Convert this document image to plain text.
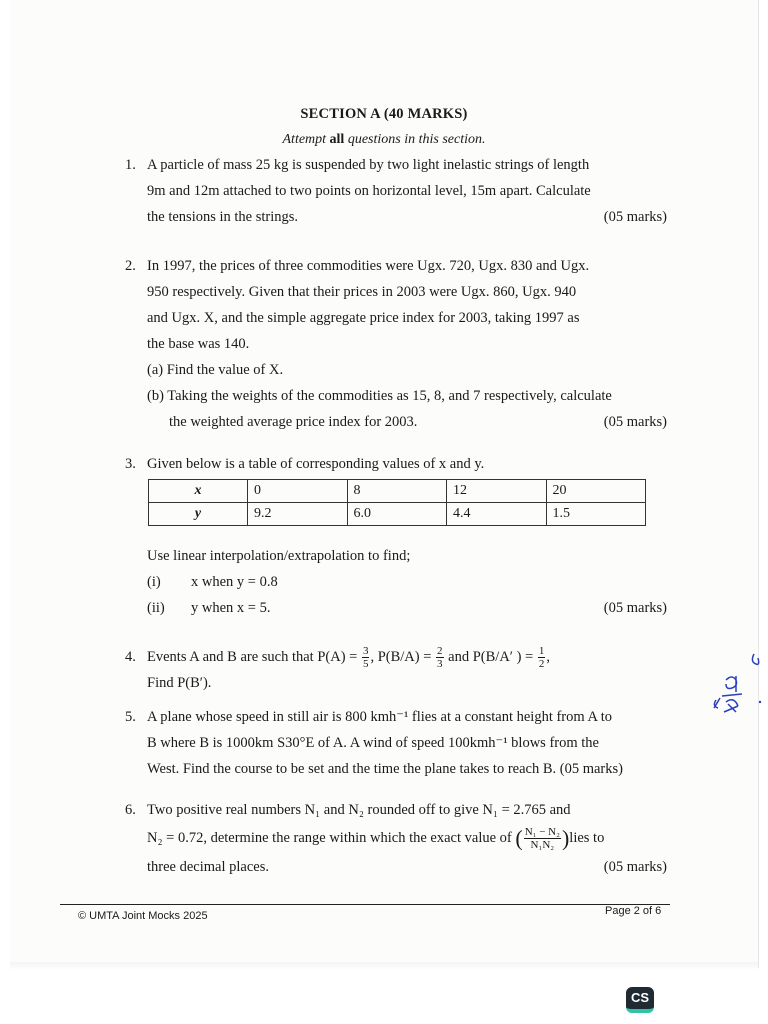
SECTION A (40 MARKS)
Attempt all questions in this section.
1. A particle of mass 25 kg is suspended by two light inelastic strings of length
9m and 12m attached to two points on horizontal level, 15m apart. Calculate
the tensions in the strings.	(05 marks)
2. In 1997, the prices of three commodities were Ugx. 720, Ugx. 830 and Ugx.
950 respectively. Given that their prices in 2003 were Ugx. 860, Ugx. 940
and Ugx. X, and the simple aggregate price index for 2003, taking 1997 as
the base was 140.
(a) Find the value of X.
(b) Taking the weights of the commodities as 15, 8, and 7 respectively, calculate
the weighted average price index for 2003.	(05 marks)
3. Given below is a table of corresponding values of x and y.
x	0	8	12	20
y	9.2	6.0	4.4	1.5
Use linear interpolation/extrapolation to find;
(i) x when y = 0.8
(ii) y when x = 5.	(05 marks)
4. Events A and B are such that $P(A) = \frac{3}{5}$ , $P(B/A) = \frac{2}{3}$ and P(B/A′ ) = $\frac{1}{2}$ ,
Find P(B′).
5. A plane whose speed in still air is 800 kmh⁻¹ flies at a constant height from A to
B where B is 1000km S30°E of A. A wind of speed 100kmh⁻¹ blows from the
West. Find the course to be set and the time the plane takes to reach B. (05 marks)
6. Two positive real numbers N₁ and N₂ rounded off to give N₁ = 2.765 and
N₂ = 0.72, determine the range within which the exact value of ( $\frac{\text{N₁ − N₂}}{\text{N₁N₂}}$ )lies to
three decimal places.	(05 marks)
© UMTA Joint Mocks 2025	Page 2 of 6
CS
